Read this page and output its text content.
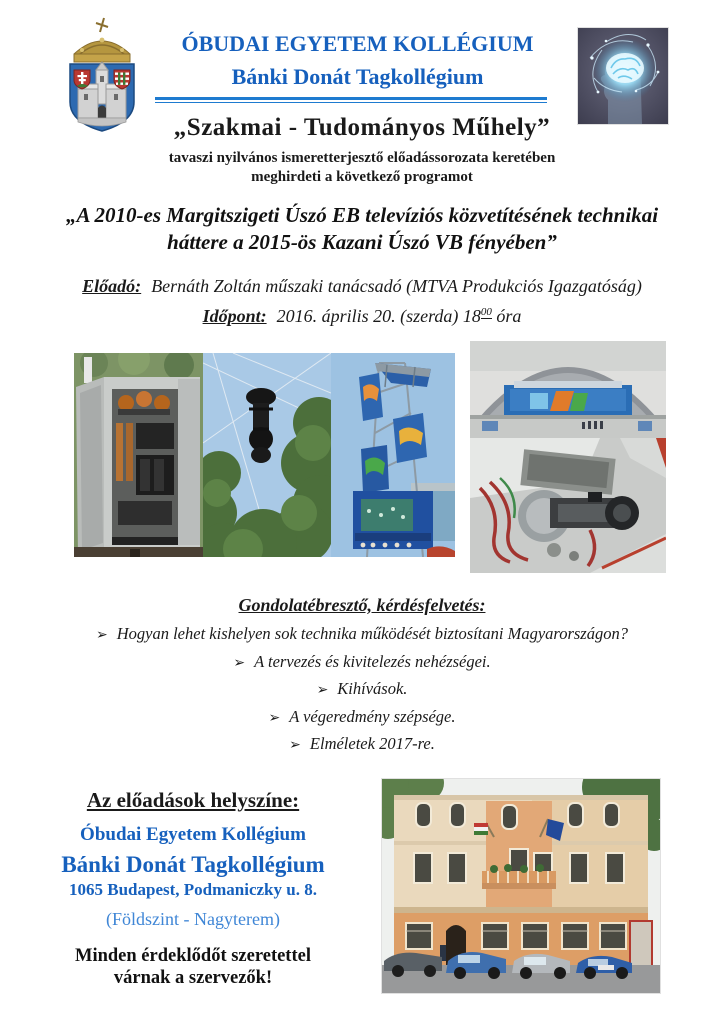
ÓBUDAI EGYETEM KOLLÉGIUM
Bánki Donát Tagkollégium
„Szakmai - Tudományos Műhely”
tavaszi nyilvános ismeretterjesztő előadássorozata keretében
meghirdeti a következő programot
„A 2010-es Margitszigeti Úszó EB televíziós közvetítésének technikai
háttere a 2015-ös Kazani Úszó VB fényében”
Előadó: Bernáth Zoltán műszaki tanácsadó (MTVA Produkciós Igazgatóság)
Időpont: 2016. április 20. (szerda) $18^{00}$ óra
Gondolatébresztő, kérdésfelvetés:
➢ Hogyan lehet kishelyen sok technika működését biztosítani Magyarországon?
➢ A tervezés és kivitelezés nehézségei.
➢ Kihívások.
➢ A végeredmény szépsége.
➢ Elméletek 2017-re.
Az előadások helyszíne:
Óbudai Egyetem Kollégium
Bánki Donát Tagkollégium
1065 Budapest, Podmaniczky u. 8.
(Földszint - Nagyterem)
Minden érdeklődőt szeretettel
várnak a szervezők!
